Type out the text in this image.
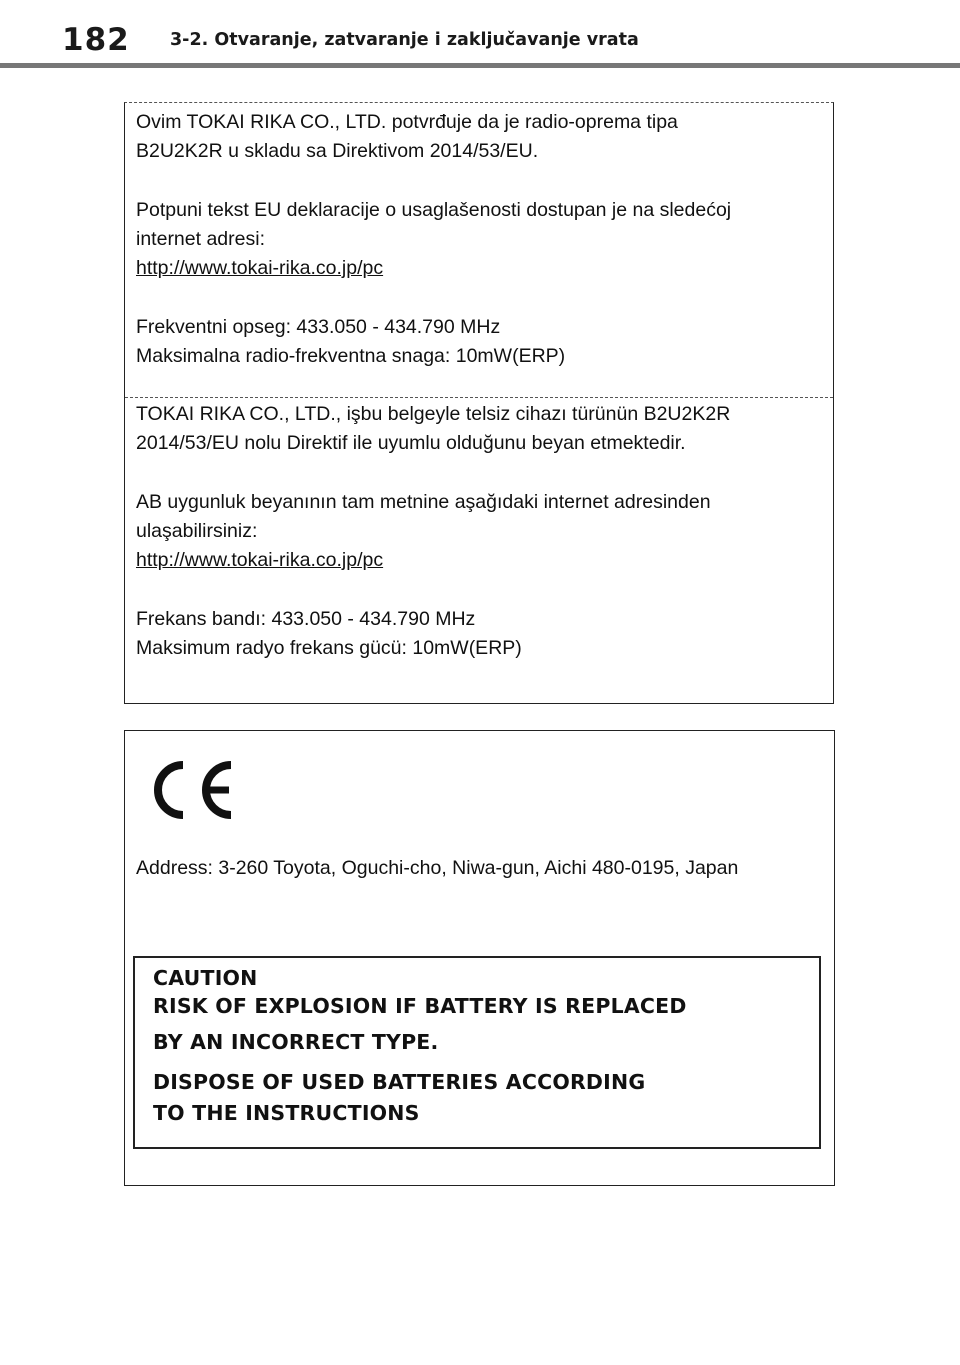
182 3-2. Otvaranje, zatvaranje i zaključavanje vrata

Ovim TOKAI RIKA CO., LTD. potvrđuje da je radio-oprema tipa

B2U2K2R u skladu sa Direktivom 2014/53/EU.

Potpuni tekst EU deklaracije o usaglašenosti dostupan je na sledećoj

internet adresi:

http://www.tokai-rika.co.jp/pc

Frekventni opseg: 433.050 - 434.790 MHz

Maksimalna radio-frekventna snaga: 10mW(ERP)

TOKAI RIKA CO., LTD., işbu belgeyle telsiz cihazı türünün B2U2K2R

2014/53/EU nolu Direktif ile uyumlu olduğunu beyan etmektedir.

AB uygunluk beyanının tam metnine aşağıdaki internet adresinden

ulaşabilirsiniz:

http://www.tokai-rika.co.jp/pc

Frekans bandı: 433.050 - 434.790 MHz

Maksimum radyo frekans gücü: 10mW(ERP)

Address: 3-260 Toyota, Oguchi-cho, Niwa-gun, Aichi 480-0195, Japan

CAUTION

RISK OF EXPLOSION IF BATTERY IS REPLACED

BY AN INCORRECT TYPE.

DISPOSE OF USED BATTERIES ACCORDING

TO THE INSTRUCTIONS
